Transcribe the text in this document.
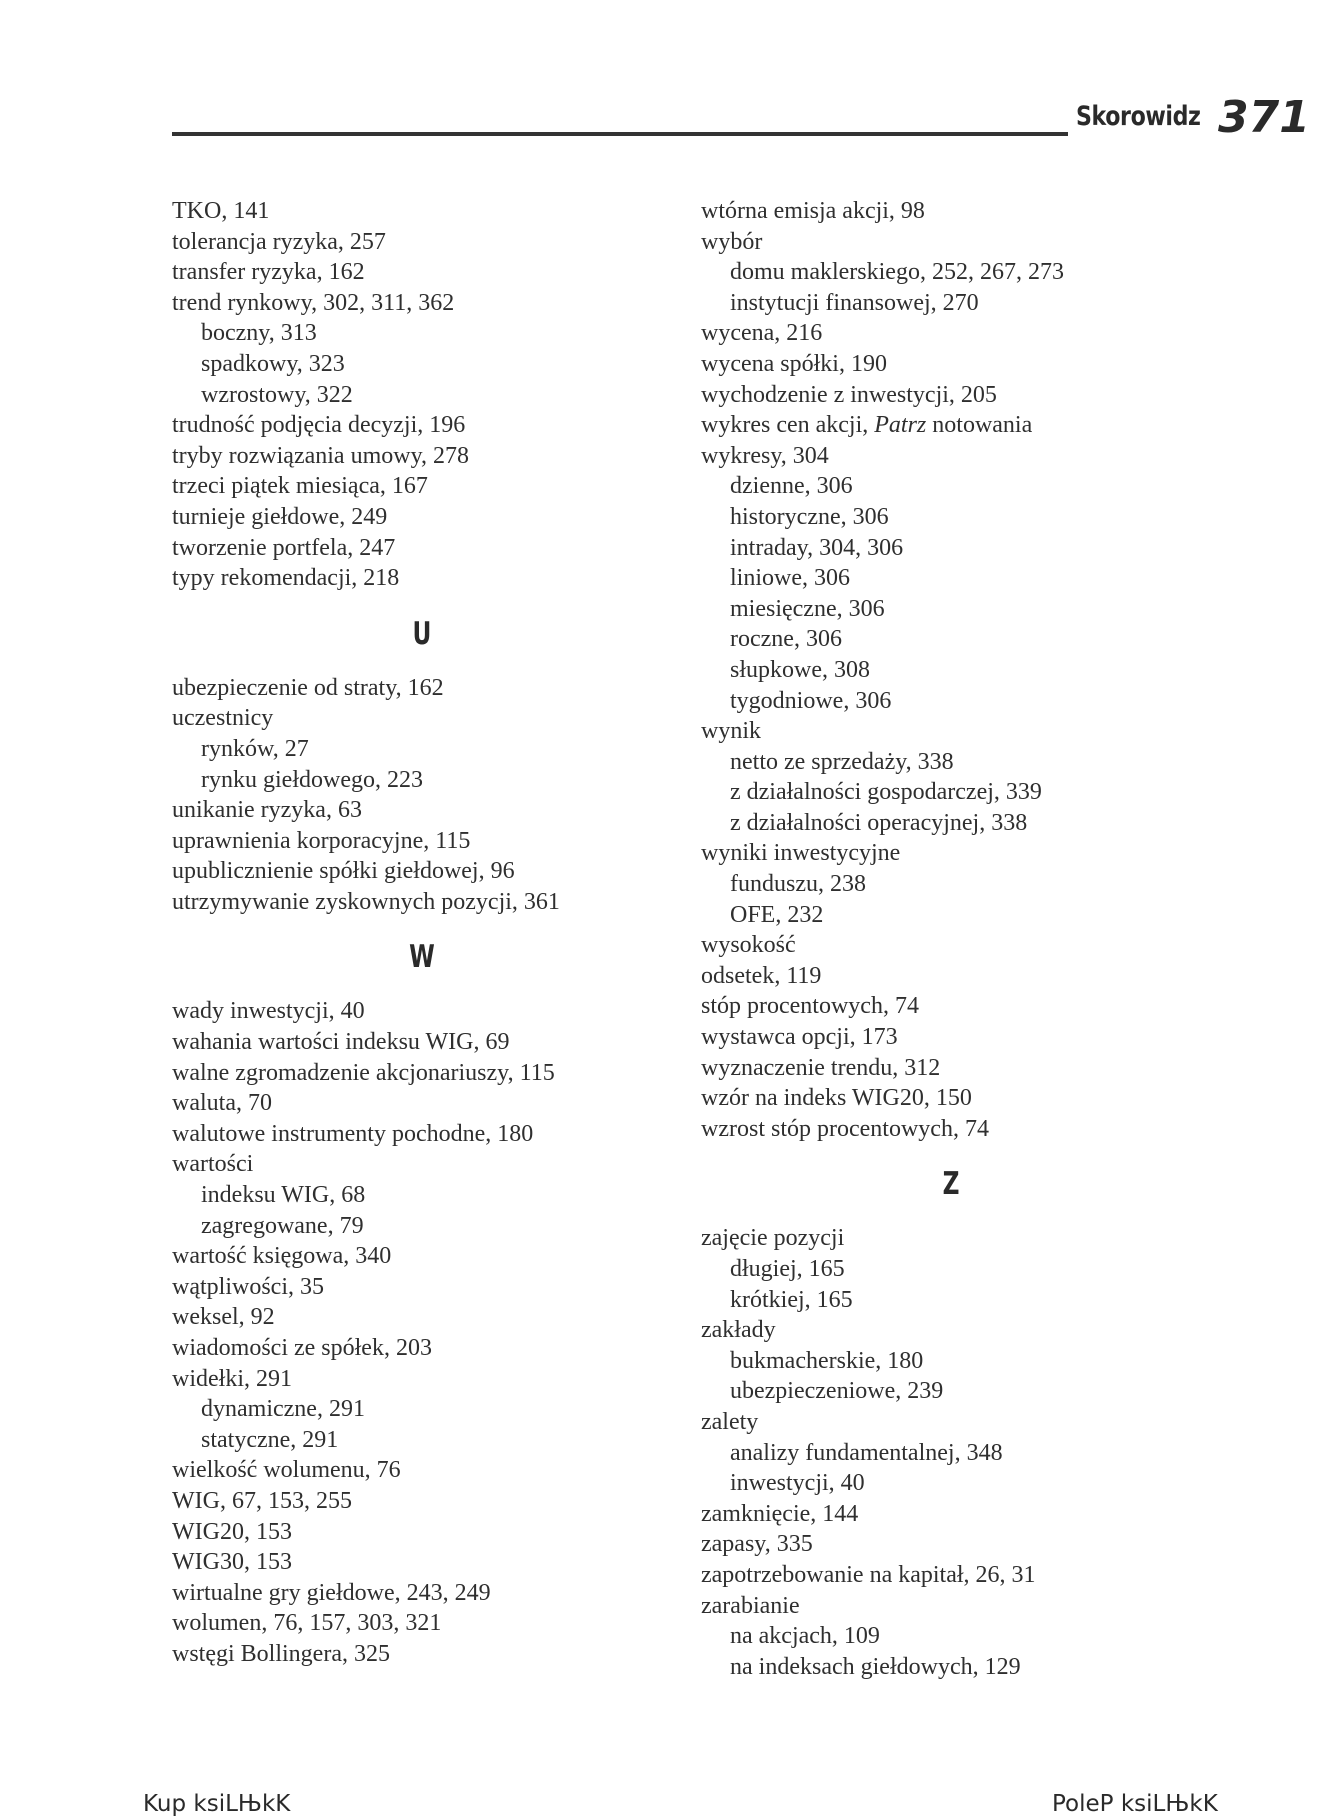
Skorowidz 371
TKO, 141
tolerancja ryzyka, 257
transfer ryzyka, 162
trend rynkowy, 302, 311, 362
boczny, 313
spadkowy, 323
wzrostowy, 322
trudność podjęcia decyzji, 196
tryby rozwiązania umowy, 278
trzeci piątek miesiąca, 167
turnieje giełdowe, 249
tworzenie portfela, 247
typy rekomendacji, 218
U
ubezpieczenie od straty, 162
uczestnicy
rynków, 27
rynku giełdowego, 223
unikanie ryzyka, 63
uprawnienia korporacyjne, 115
upublicznienie spółki giełdowej, 96
utrzymywanie zyskownych pozycji, 361
W
wady inwestycji, 40
wahania wartości indeksu WIG, 69
walne zgromadzenie akcjonariuszy, 115
waluta, 70
walutowe instrumenty pochodne, 180
wartości
indeksu WIG, 68
zagregowane, 79
wartość księgowa, 340
wątpliwości, 35
weksel, 92
wiadomości ze spółek, 203
widełki, 291
dynamiczne, 291
statyczne, 291
wielkość wolumenu, 76
WIG, 67, 153, 255
WIG20, 153
WIG30, 153
wirtualne gry giełdowe, 243, 249
wolumen, 76, 157, 303, 321
wstęgi Bollingera, 325
wtórna emisja akcji, 98
wybór
domu maklerskiego, 252, 267, 273
instytucji finansowej, 270
wycena, 216
wycena spółki, 190
wychodzenie z inwestycji, 205
wykres cen akcji, Patrz notowania
wykresy, 304
dzienne, 306
historyczne, 306
intraday, 304, 306
liniowe, 306
miesięczne, 306
roczne, 306
słupkowe, 308
tygodniowe, 306
wynik
netto ze sprzedaży, 338
z działalności gospodarczej, 339
z działalności operacyjnej, 338
wyniki inwestycyjne
funduszu, 238
OFE, 232
wysokość
odsetek, 119
stóp procentowych, 74
wystawca opcji, 173
wyznaczenie trendu, 312
wzór na indeks WIG20, 150
wzrost stóp procentowych, 74
Z
zajęcie pozycji
długiej, 165
krótkiej, 165
zakłady
bukmacherskie, 180
ubezpieczeniowe, 239
zalety
analizy fundamentalnej, 348
inwestycji, 40
zamknięcie, 144
zapasy, 335
zapotrzebowanie na kapitał, 26, 31
zarabianie
na akcjach, 109
na indeksach giełdowych, 129
Kup ksiLЊkK	PoleP ksiLЊkK
